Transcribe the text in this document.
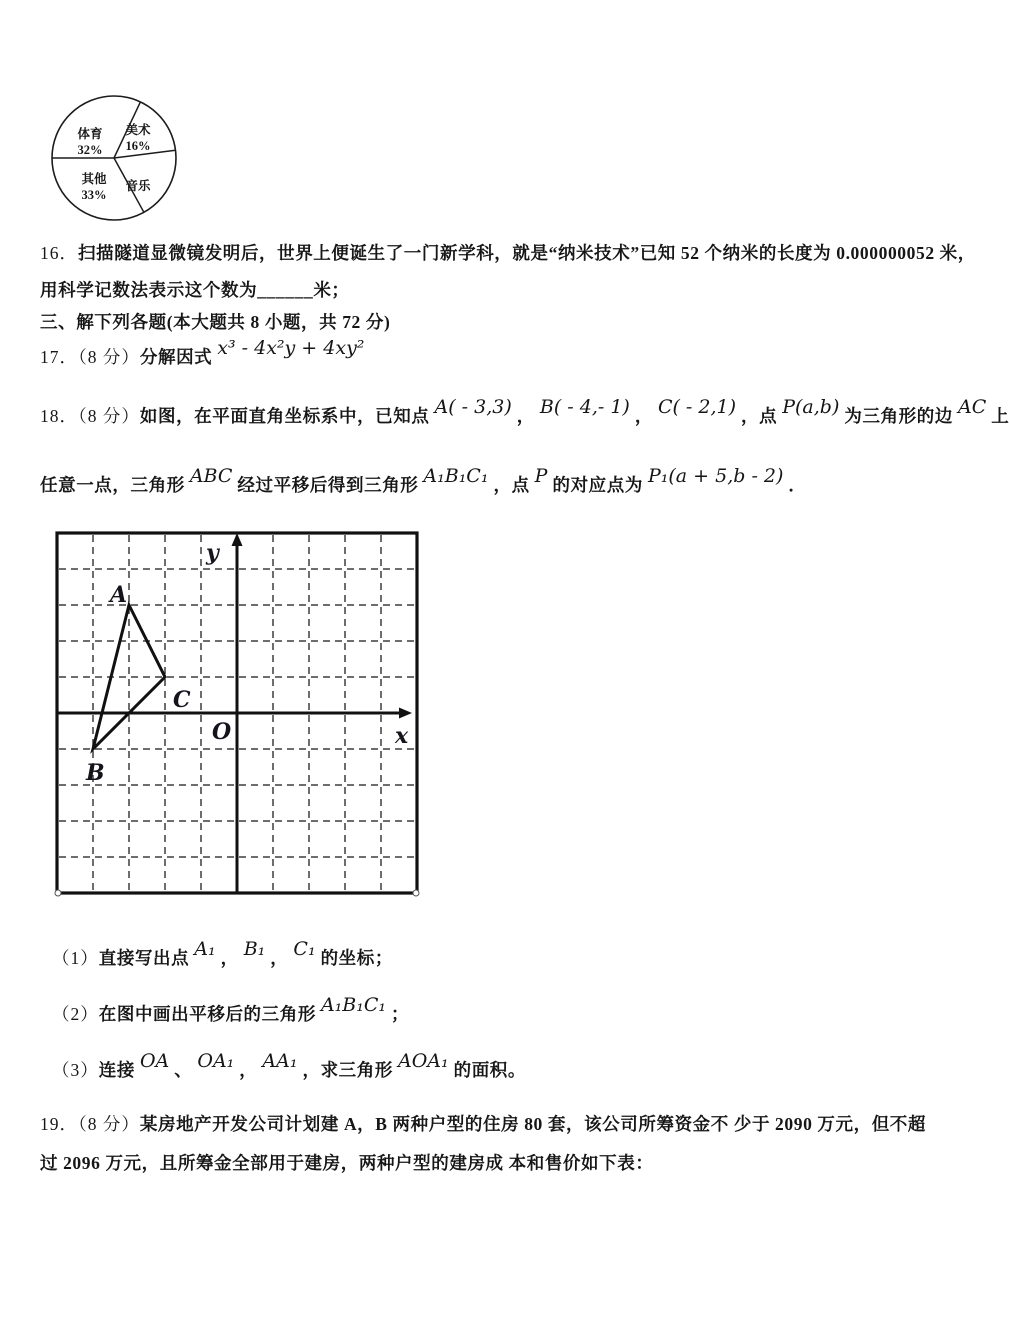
体育
32%
美术
16%
音乐
其他
33%
16．扫描隧道显微镜发明后，世界上便诞生了一门新学科，就是“纳米技术”已知 52 个纳米的长度为 0.000000052 米，
用科学记数法表示这个数为______米；
三、解下列各题(本大题共 8 小题，共 72 分)
17．（8 分）分解因式 x³ - 4x²y + 4xy²
18．（8 分）如图，在平面直角坐标系中，已知点 A( - 3,3) ， B( - 4,- 1) ， C( - 2,1) ，点 P(a,b) 为三角形的边 AC 上
任意一点，三角形 ABC 经过平移后得到三角形 A₁B₁C₁ ，点 P 的对应点为 P₁(a + 5,b - 2) ．
A
B
C
O
y
x
（1）直接写出点 A₁ ， B₁ ， C₁ 的坐标；
（2）在图中画出平移后的三角形 A₁B₁C₁ ；
（3）连接 OA 、 OA₁ ， AA₁ ，求三角形 AOA₁ 的面积。
19．（8 分）某房地产开发公司计划建 A，B 两种户型的住房 80 套，该公司所筹资金不 少于 2090 万元，但不超
过 2096 万元，且所筹金全部用于建房，两种户型的建房成 本和售价如下表：
